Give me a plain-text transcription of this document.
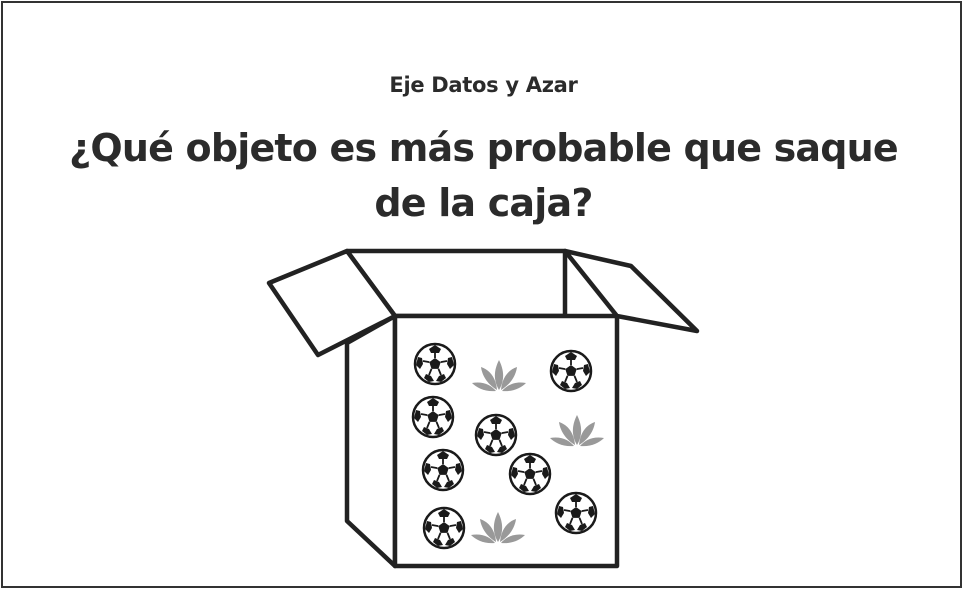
Eje Datos y Azar
¿Qué objeto es más probable que saque de la caja?
